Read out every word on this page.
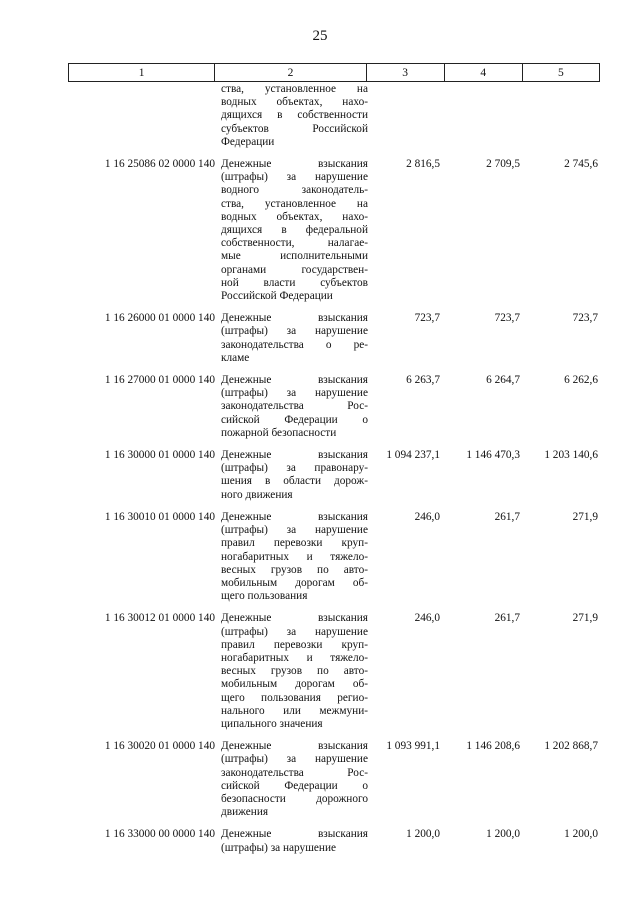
25
1	2	3	4	5
ства, установленное на
водных объектах, нахо-
дящихся в собственности
субъектов Российской
Федерации
1 16 25086 02 0000 140 Денежные взыскания
(штрафы) за нарушение
водного законодатель-
ства, установленное на
водных объектах, нахо-
дящихся в федеральной
собственности, налагае-
мые исполнительными
органами государствен-
ной власти субъектов
Российской Федерации
2 816,5	2 709,5	2 745,6
1 16 26000 01 0000 140 Денежные взыскания
(штрафы) за нарушение
законодательства о ре-
кламе
723,7	723,7	723,7
1 16 27000 01 0000 140 Денежные взыскания
(штрафы) за нарушение
законодательства Рос-
сийской Федерации о
пожарной безопасности
6 263,7	6 264,7	6 262,6
1 16 30000 01 0000 140 Денежные взыскания
(штрафы) за правонару-
шения в области дорож-
ного движения
1 094 237,1	1 146 470,3	1 203 140,6
1 16 30010 01 0000 140 Денежные взыскания
(штрафы) за нарушение
правил перевозки круп-
ногабаритных и тяжело-
весных грузов по авто-
мобильным дорогам об-
щего пользования
246,0	261,7	271,9
1 16 30012 01 0000 140 Денежные взыскания
(штрафы) за нарушение
правил перевозки круп-
ногабаритных и тяжело-
весных грузов по авто-
мобильным дорогам об-
щего пользования регио-
нального или межмуни-
ципального значения
246,0	261,7	271,9
1 16 30020 01 0000 140 Денежные взыскания
(штрафы) за нарушение
законодательства Рос-
сийской Федерации о
безопасности дорожного
движения
1 093 991,1	1 146 208,6	1 202 868,7
1 16 33000 00 0000 140 Денежные взыскания
(штрафы) за нарушение
1 200,0	1 200,0	1 200,0
